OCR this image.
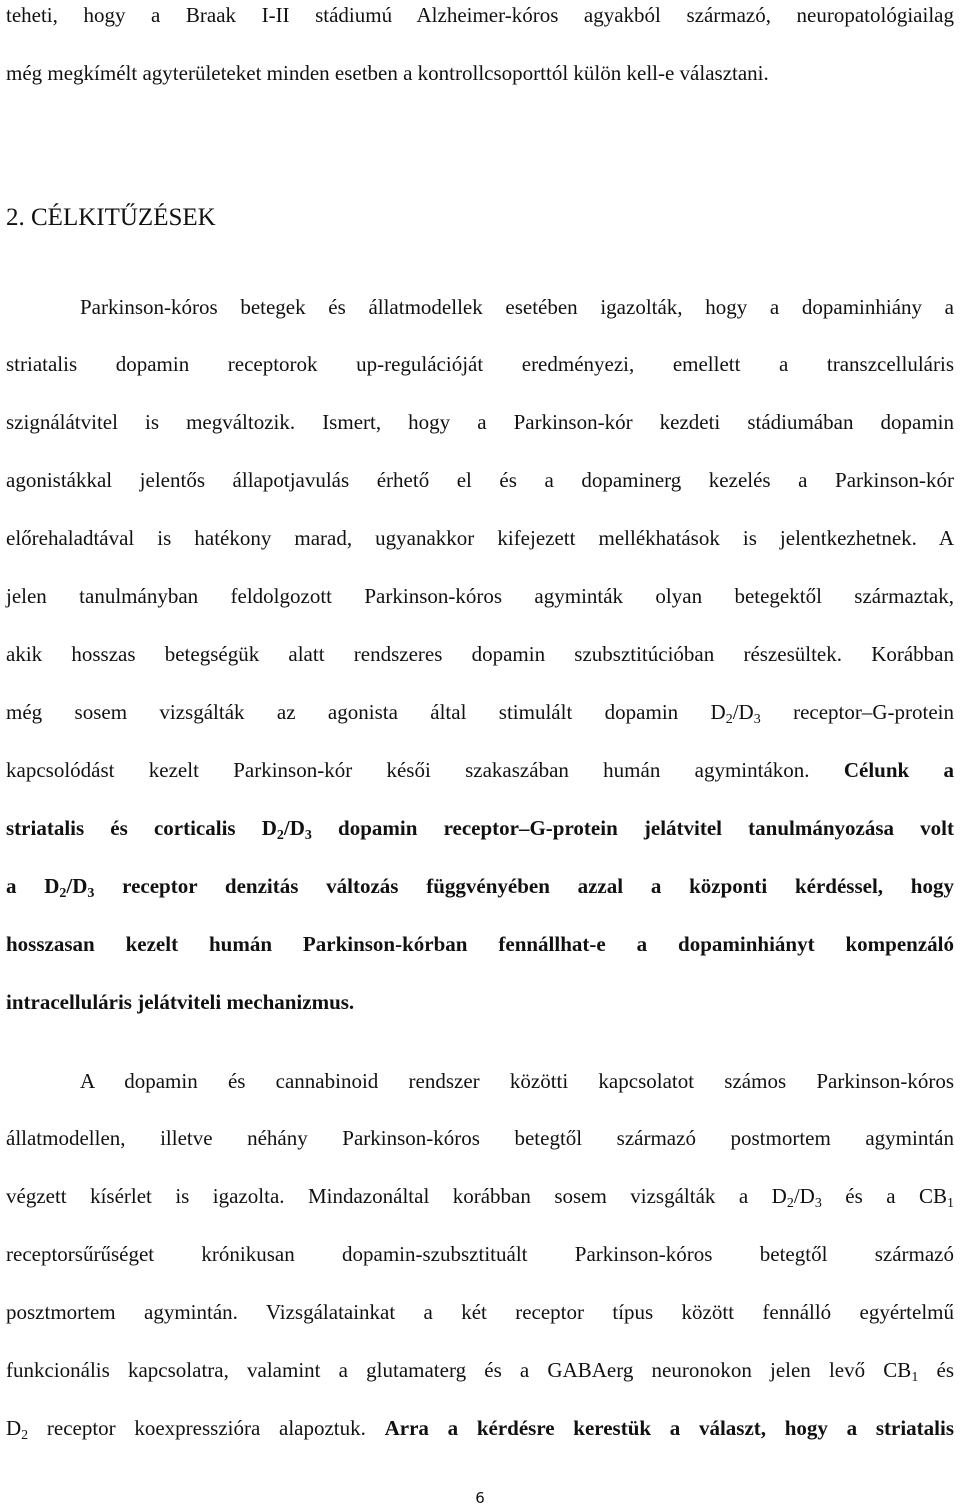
teheti, hogy a Braak I-II stádiumú Alzheimer-kóros agyakból származó, neuropatológiailag
még megkímélt agyterületeket minden esetben a kontrollcsoporttól külön kell-e választani.
2. CÉLKITŰZÉSEK
Parkinson-kóros betegek és állatmodellek esetében igazolták, hogy a dopaminhiány a
striatalis dopamin receptorok up-regulációját eredményezi, emellett a transzcelluláris
szignálátvitel is megváltozik. Ismert, hogy a Parkinson-kór kezdeti stádiumában dopamin
agonistákkal jelentős állapotjavulás érhető el és a dopaminerg kezelés a Parkinson-kór
előrehaladtával is hatékony marad, ugyanakkor kifejezett mellékhatások is jelentkezhetnek. A
jelen tanulmányban feldolgozott Parkinson-kóros agyminták olyan betegektől származtak,
akik hosszas betegségük alatt rendszeres dopamin szubsztitúcióban részesültek. Korábban
még sosem vizsgálták az agonista által stimulált dopamin $D_2/D_3$ receptor–G-protein
kapcsolódást kezelt Parkinson-kór késői szakaszában humán agymintákon. Célunk a
striatalis és corticalis $D_2/D_3$ dopamin receptor–G-protein jelátvitel tanulmányozása volt
a $D_2/D_3$ receptor denzitás változás függvényében azzal a központi kérdéssel, hogy
hosszasan kezelt humán Parkinson-kórban fennállhat-e a dopaminhiányt kompenzáló
intracelluláris jelátviteli mechanizmus.
A dopamin és cannabinoid rendszer közötti kapcsolatot számos Parkinson-kóros
állatmodellen, illetve néhány Parkinson-kóros betegtől származó postmortem agymintán
végzett kísérlet is igazolta. Mindazonáltal korábban sosem vizsgálták a $D_2/D_3$ és a $CB_1$
receptorsűrűséget krónikusan dopamin-szubsztituált Parkinson-kóros betegtől származó
posztmortem agymintán. Vizsgálatainkat a két receptor típus között fennálló egyértelmű
funkcionális kapcsolatra, valamint a glutamaterg és a GABAerg neuronokon jelen levő $CB_1$ és
$D_2$ receptor koexpresszióra alapoztuk. Arra a kérdésre kerestük a választ, hogy a striatalis
6
